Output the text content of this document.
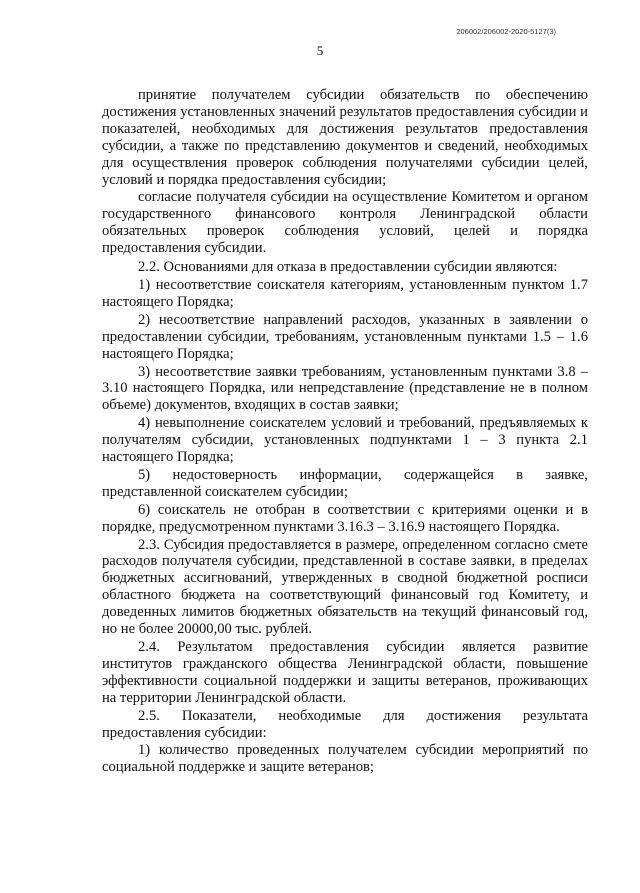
206002/206002-2020-5127(3)
5

принятие получателем субсидии обязательств по обеспечению достижения установленных значений результатов предоставления субсидии и показателей, необходимых для достижения результатов предоставления субсидии, а также по представлению документов и сведений, необходимых для осуществления проверок соблюдения получателями субсидии целей, условий и порядка предоставления субсидии;

согласие получателя субсидии на осуществление Комитетом и органом государственного финансового контроля Ленинградской области обязательных проверок соблюдения условий, целей и порядка предоставления субсидии.

2.2. Основаниями для отказа в предоставлении субсидии являются:

1) несоответствие соискателя категориям, установленным пунктом 1.7 настоящего Порядка;

2) несоответствие направлений расходов, указанных в заявлении о предоставлении субсидии, требованиям, установленным пунктами 1.5 – 1.6 настоящего Порядка;

3) несоответствие заявки требованиям, установленным пунктами 3.8 – 3.10 настоящего Порядка, или непредставление (представление не в полном объеме) документов, входящих в состав заявки;

4) невыполнение соискателем условий и требований, предъявляемых к получателям субсидии, установленных подпунктами 1 – 3 пункта 2.1 настоящего Порядка;

5) недостоверность информации, содержащейся в заявке, представленной соискателем субсидии;

6) соискатель не отобран в соответствии с критериями оценки и в порядке, предусмотренном пунктами 3.16.3 – 3.16.9 настоящего Порядка.

2.3. Субсидия предоставляется в размере, определенном согласно смете расходов получателя субсидии, представленной в составе заявки, в пределах бюджетных ассигнований, утвержденных в сводной бюджетной росписи областного бюджета на соответствующий финансовый год Комитету, и доведенных лимитов бюджетных обязательств на текущий финансовый год, но не более 20000,00 тыс. рублей.

2.4. Результатом предоставления субсидии является развитие институтов гражданского общества Ленинградской области, повышение эффективности социальной поддержки и защиты ветеранов, проживающих на территории Ленинградской области.

2.5. Показатели, необходимые для достижения результата предоставления субсидии:

1) количество проведенных получателем субсидии мероприятий по социальной поддержке и защите ветеранов;
